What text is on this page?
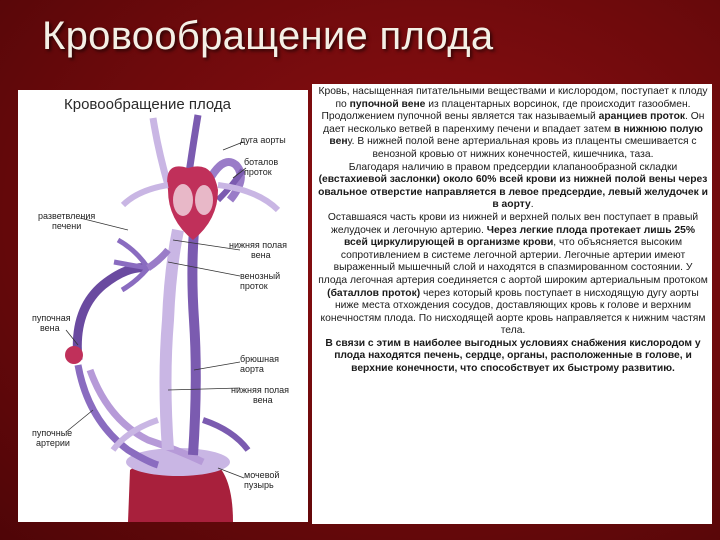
Кровообращение плода
Кровообращение плода
дуга аорты
боталов
проток
разветвления
печени
нижняя полая
вена
венозный
проток
пупочная
вена
брюшная
аорта
нижняя полая
вена
пупочные
артерии
мочевой
пузырь

Кровь, насыщенная питательными веществами и кислородом, поступает к плоду по пупочной вене из плацентарных ворсинок, где происходит газообмен. Продолжением пупочной вены является так называемый аранциев проток. Он дает несколько ветвей в паренхиму печени и впадает затем в нижнюю полую вену. В нижней полой вене артериальная кровь из плаценты смешивается с венозной кровью от нижних конечностей, кишечника, таза.

Благодаря наличию в правом предсердии клапанообразной складки (евстахиевой заслонки) около 60% всей крови из нижней полой вены через овальное отверстие направляется в левое предсердие, левый желудочек и в аорту.

Оставшаяся часть крови из нижней и верхней полых вен поступает в правый желудочек и легочную артерию. Через легкие плода протекает лишь 25% всей циркулирующей в организме крови, что объясняется высоким сопротивлением в системе легочной артерии. Легочные артерии имеют выраженный мышечный слой и находятся в спазмированном состоянии. У плода легочная артерия соединяется с аортой широким артериальным протоком (баталлов проток) через который кровь поступает в нисходящую дугу аорты ниже места отхождения сосудов, доставляющих кровь к голове и верхним конечностям плода. По нисходящей аорте кровь направляется к нижним частям тела.

В связи с этим в наиболее выгодных условиях снабжения кислородом у плода находятся печень, сердце, органы, расположенные в голове, и верхние конечности, что способствует их быстрому развитию.
